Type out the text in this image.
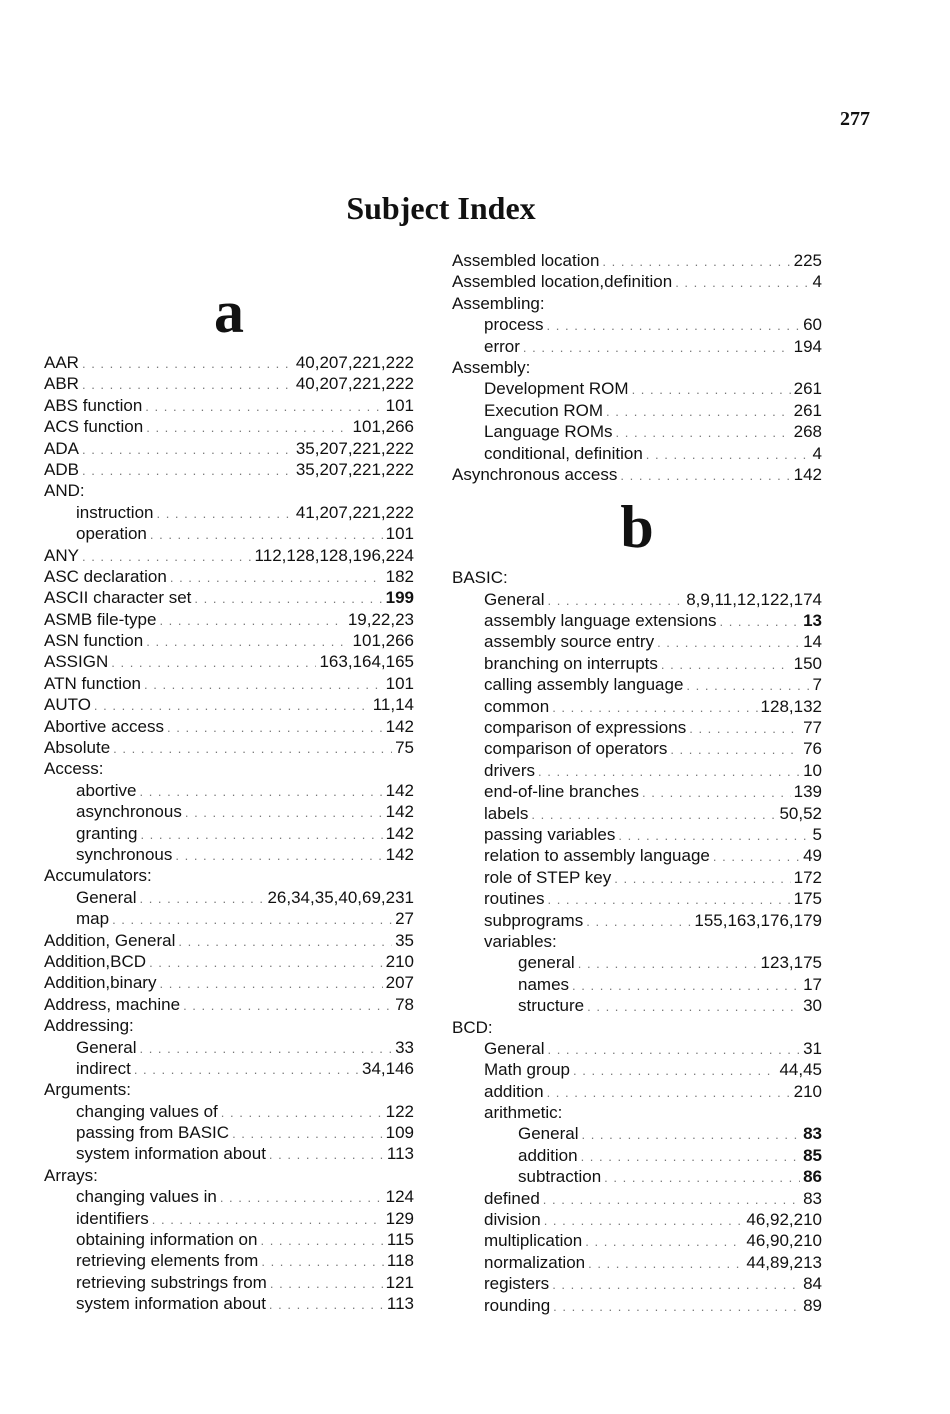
277
Subject Index
a
AAR . . .	40,207,221,222
ABR . . .	40,207,221,222
ABS function . . .	101
ACS function . . .	101,266
ADA . . .	35,207,221,222
ADB . . .	35,207,221,222
AND:
instruction . . .	41,207,221,222
operation . . .	101
ANY . . .	112,128,128,196,224
ASC declaration . . .	182
ASCII character set . . .	199
ASMB file-type . . .	19,22,23
ASN function . . .	101,266
ASSIGN . . .	163,164,165
ATN function . . .	101
AUTO . . .	11,14
Abortive access . . .	142
Absolute . . .	75
Access:
abortive . . .	142
asynchronous . . .	142
granting . . .	142
synchronous . . .	142
Accumulators:
General . . .	26,34,35,40,69,231
map . . .	27
Addition, General . . .	35
Addition,BCD . . .	210
Addition,binary . . .	207
Address, machine . . .	78
Addressing:
General . . .	33
indirect . . .	34,146
Arguments:
changing values of . . .	122
passing from BASIC . . .	109
system information about . . .	113
Arrays:
changing values in . . .	124
identifiers . . .	129
obtaining information on . . .	115
retrieving elements from . . .	118
retrieving substrings from . . .	121
system information about . . .	113
Assembled location . . .	225
Assembled location,definition . . .	4
Assembling:
process . . .	60
error . . .	194
Assembly:
Development ROM . . .	261
Execution ROM . . .	261
Language ROMs . . .	268
conditional, definition . . .	4
Asynchronous access . . .	142
b
BASIC:
General . . .	8,9,11,12,122,174
assembly language extensions . . .	13
assembly source entry . . .	14
branching on interrupts . . .	150
calling assembly language . . .	7
common . . .	128,132
comparison of expressions . . .	77
comparison of operators . . .	76
drivers . . .	10
end-of-line branches . . .	139
labels . . .	50,52
passing variables . . .	5
relation to assembly language . . .	49
role of STEP key . . .	172
routines . . .	175
subprograms . . .	155,163,176,179
variables:
general . . .	123,175
names . . .	17
structure . . .	30
BCD:
General . . .	31
Math group . . .	44,45
addition . . .	210
arithmetic:
General . . .	83
addition . . .	85
subtraction . . .	86
defined . . .	83
division . . .	46,92,210
multiplication . . .	46,90,210
normalization . . .	44,89,213
registers . . .	84
rounding . . .	89
